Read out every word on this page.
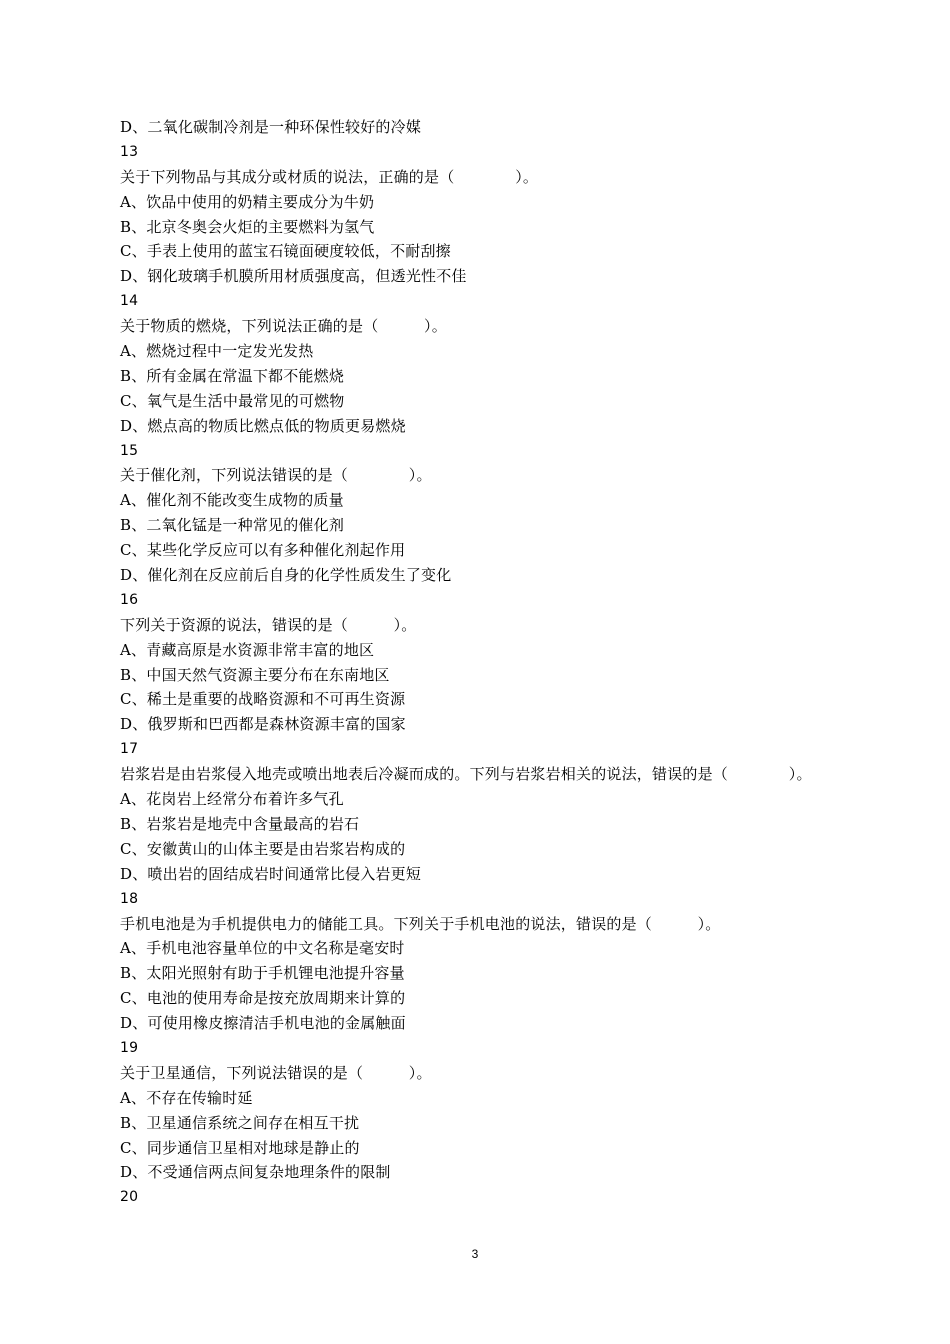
D、二氧化碳制冷剂是一种环保性较好的冷媒
13
关于下列物品与其成分或材质的说法，正确的是（　　　　）。
A、饮品中使用的奶精主要成分为牛奶
B、北京冬奥会火炬的主要燃料为氢气
C、手表上使用的蓝宝石镜面硬度较低，不耐刮擦
D、钢化玻璃手机膜所用材质强度高，但透光性不佳
14
关于物质的燃烧，下列说法正确的是（　　　）。
A、燃烧过程中一定发光发热
B、所有金属在常温下都不能燃烧
C、氧气是生活中最常见的可燃物
D、燃点高的物质比燃点低的物质更易燃烧
15
关于催化剂，下列说法错误的是（　　　　）。
A、催化剂不能改变生成物的质量
B、二氧化锰是一种常见的催化剂
C、某些化学反应可以有多种催化剂起作用
D、催化剂在反应前后自身的化学性质发生了变化
16
下列关于资源的说法，错误的是（　　　）。
A、青藏高原是水资源非常丰富的地区
B、中国天然气资源主要分布在东南地区
C、稀土是重要的战略资源和不可再生资源
D、俄罗斯和巴西都是森林资源丰富的国家
17
岩浆岩是由岩浆侵入地壳或喷出地表后冷凝而成的。下列与岩浆岩相关的说法，错误的是（　　　　）。
A、花岗岩上经常分布着许多气孔
B、岩浆岩是地壳中含量最高的岩石
C、安徽黄山的山体主要是由岩浆岩构成的
D、喷出岩的固结成岩时间通常比侵入岩更短
18
手机电池是为手机提供电力的储能工具。下列关于手机电池的说法，错误的是（　　　）。
A、手机电池容量单位的中文名称是毫安时
B、太阳光照射有助于手机锂电池提升容量
C、电池的使用寿命是按充放周期来计算的
D、可使用橡皮擦清洁手机电池的金属触面
19
关于卫星通信，下列说法错误的是（　　　）。
A、不存在传输时延
B、卫星通信系统之间存在相互干扰
C、同步通信卫星相对地球是静止的
D、不受通信两点间复杂地理条件的限制
20
3
